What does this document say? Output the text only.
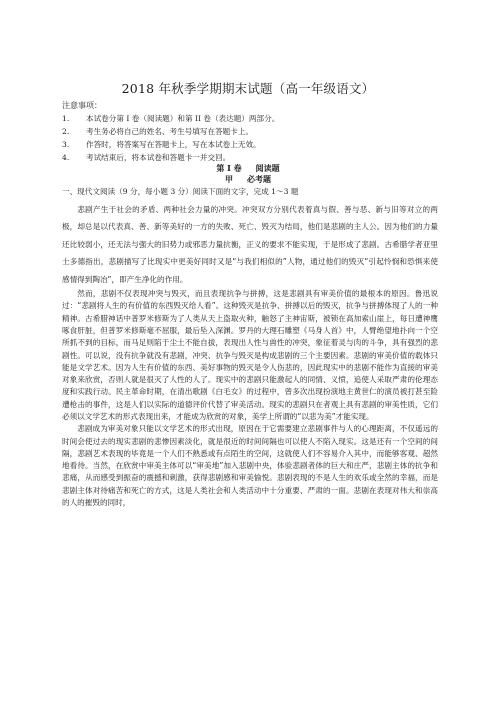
2018 年秋季学期期末试题（高一年级语文）
注意事项：
1. 本试卷分第 I 卷（阅读题）和第 II 卷（表达题）两部分。
2. 考生务必将自己的姓名、考生号填写在答题卡上。
3. 作答时，将答案写在答题卡上，写在本试卷上无效。
4. 考试结束后，将本试卷和答题卡一并交回。
第 I 卷 阅读题
甲 必考题
一、现代文阅读（9 分，每小题 3 分）阅读下面的文字，完成 1～3 题

悲剧产生于社会的矛盾、两种社会力量的冲突。冲突双方分别代表着真与假、善与恶、新与旧等对立的两极，却总是以代表真、善、新等美好的一方的失败、死亡、毁灭为结局，他们是悲剧的主人公。因为他们的力量还比较弱小，还无法与强大的旧势力或邪恶力量抗衡，正义的要求不能实现，于是形成了悲剧。古希腊学者亚里士多德指出，悲剧描写了比现实中更美好同时又是“与我们相似的”人物，通过他们的毁灭“引起怜悯和恐惧来使感情得到陶冶”，即产生净化的作用。

然而，悲剧不仅表现冲突与毁灭，而且表现抗争与拼搏，这是悲剧具有审美价值的最根本的原因。鲁迅说过：“悲剧将人生的有价值的东西毁灭给人看”。这种毁灭是抗争、拼搏以后的毁灭，抗争与拼搏体现了人的一种精神。古希腊神话中普罗米修斯为了人类从天上盗取火种，触怒了主神宙斯，被锁在高加索山崖上，每日遭神鹰啄食肝脏，但普罗米修斯毫不屈服，最后坠入深渊。罗丹的大理石雕塑《马身人首》中，人臂绝望地扑向一个空所抓不到的目标，而马足则陷于尘土不能自拔，表现出人性与兽性的冲突，象征着灵与肉的斗争，具有强烈的悲剧性。可以说，没有抗争就没有悲剧，冲突、抗争与毁灭是构成悲剧的三个主要因素。悲剧的审美价值的载体只能是文学艺术。因为人生有价值的东西、美好事物的毁灭是令人伤悲的，因此现实中的悲剧不能作为直接的审美对象来欣赏，否则人就是很灭了人性的人了。现实中的悲剧只能激起人的同情、义愤，追使人采取严肃的伦理态度和实践行动。民主革命时期，在清出歌剧《白毛女》的过程中，曾多次出现扮演地主黄世仁的演员被打甚至险遭枪击的事件，这是人们以实际的道德评价代替了审美活动。现实的悲剧只在者观上具有悲剧的审美性质，它们必须以文学艺术的形式表现出来，才能成为欣赏的对象，美学上所谓的“以悲为美”才能实现。

悲剧成为审美对象只能以文学艺术的形式出现，原因在于它需要建立悲剧事件与人的心理距离，不仅遥远的时间会使过去的现实悲剧的悲惨因素淡化，就是很近的时间间隔也可以使人不陷入现实。这是还有一个空间的间隔，悲剧艺术表现的毕竟是一个人们不熟悉或有点陌生的空间，这就使人们不容易介入其中，而能够客观、超然地看待。当然，在欣赏中审美主体可以“审美地”加入悲剧中央，体验悲剧者体的巨大和庄严，悲剧主体的抗争和悲痛，从而感受到振奋的震撼和刺激，获得悲剧感和审美愉悦。悲剧表现的不是人生的欢乐或全然的幸福，而是悲剧主体对待痛苦和死亡的方式，这是人类社会和人类活动中十分重要、严肃的一面。悲剧在表现对伟大和崇高的人的摧毁的同时，
